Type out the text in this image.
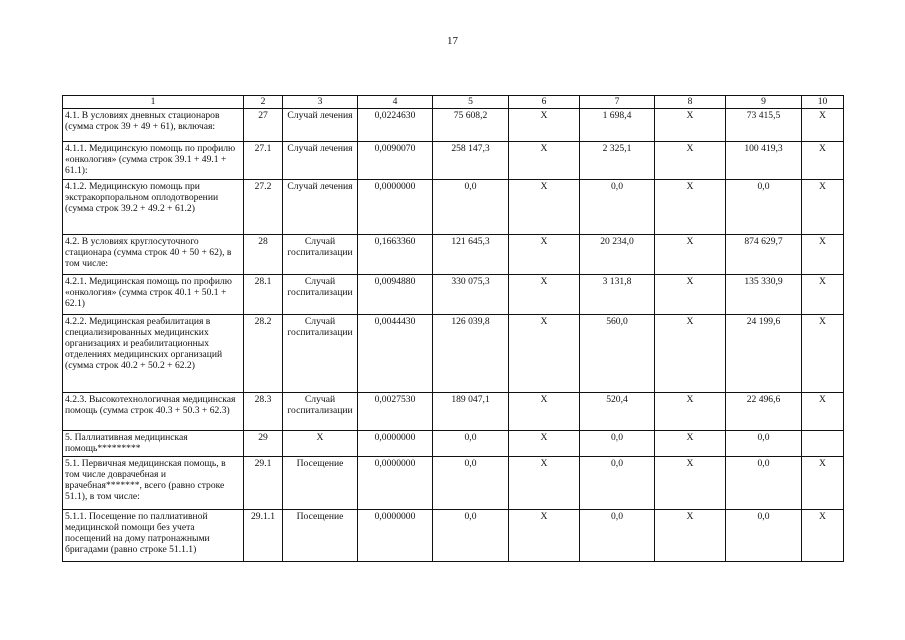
17
1	2	3	4	5	6	7	8	9	10
4.1. В условиях дневных стационаров (сумма строк 39 + 49 + 61), включая:	27	Случай лечения	0,0224630	75 608,2	Х	1 698,4	Х	73 415,5	Х
4.1.1. Медицинскую помощь по профилю «онкология» (сумма строк 39.1 + 49.1 + 61.1):	27.1	Случай лечения	0,0090070	258 147,3	Х	2 325,1	Х	100 419,3	Х
4.1.2. Медицинскую помощь при экстракорпоральном оплодотворении (сумма строк 39.2 + 49.2 + 61.2)	27.2	Случай лечения	0,0000000	0,0	Х	0,0	Х	0,0	Х
4.2. В условиях круглосуточного стационара (сумма строк 40 + 50 + 62), в том числе:	28	Случай госпитализации	0,1663360	121 645,3	Х	20 234,0	Х	874 629,7	Х
4.2.1. Медицинская помощь по профилю «онкология» (сумма строк 40.1 + 50.1 + 62.1)	28.1	Случай госпитализации	0,0094880	330 075,3	Х	3 131,8	Х	135 330,9	Х
4.2.2. Медицинская реабилитация в специализированных медицинских организациях и реабилитационных отделениях медицинских организаций (сумма строк 40.2 + 50.2 + 62.2)	28.2	Случай госпитализации	0,0044430	126 039,8	Х	560,0	Х	24 199,6	Х
4.2.3. Высокотехнологичная медицинская помощь (сумма строк 40.3 + 50.3 + 62.3)	28.3	Случай госпитализации	0,0027530	189 047,1	Х	520,4	Х	22 496,6	Х
5. Паллиативная медицинская помощь*********	29	Х	0,0000000	0,0	Х	0,0	Х	0,0	
5.1. Первичная медицинская помощь, в том числе доврачебная и врачебная*******, всего (равно строке 51.1), в том числе:	29.1	Посещение	0,0000000	0,0	Х	0,0	Х	0,0	Х
5.1.1. Посещение по паллиативной медицинской помощи без учета посещений на дому патронажными бригадами (равно строке 51.1.1)	29.1.1	Посещение	0,0000000	0,0	Х	0,0	Х	0,0	Х
